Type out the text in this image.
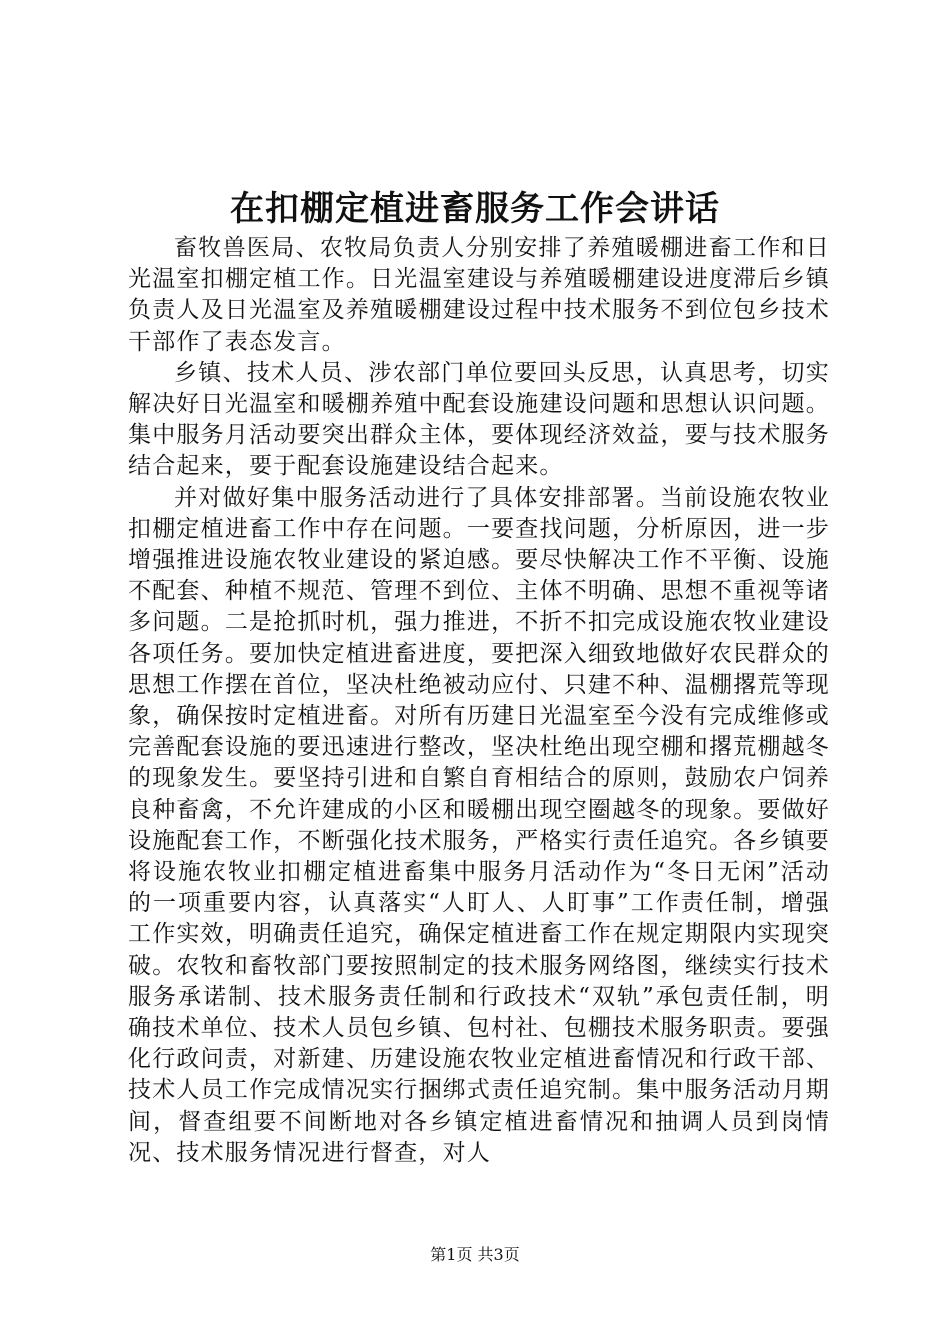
在扣棚定植进畜服务工作会讲话

畜牧兽医局、农牧局负责人分别安排了养殖暖棚进畜工作和日光温室扣棚定植工作。日光温室建设与养殖暖棚建设进度滞后乡镇负责人及日光温室及养殖暖棚建设过程中技术服务不到位包乡技术干部作了表态发言。

乡镇、技术人员、涉农部门单位要回头反思，认真思考，切实解决好日光温室和暖棚养殖中配套设施建设问题和思想认识问题。集中服务月活动要突出群众主体，要体现经济效益，要与技术服务结合起来，要于配套设施建设结合起来。

并对做好集中服务活动进行了具体安排部署。当前设施农牧业扣棚定植进畜工作中存在问题。一要查找问题，分析原因，进一步增强推进设施农牧业建设的紧迫感。要尽快解决工作不平衡、设施不配套、种植不规范、管理不到位、主体不明确、思想不重视等诸多问题。二是抢抓时机，强力推进，不折不扣完成设施农牧业建设各项任务。要加快定植进畜进度，要把深入细致地做好农民群众的思想工作摆在首位，坚决杜绝被动应付、只建不种、温棚撂荒等现象，确保按时定植进畜。对所有历建日光温室至今没有完成维修或完善配套设施的要迅速进行整改，坚决杜绝出现空棚和撂荒棚越冬的现象发生。要坚持引进和自繁自育相结合的原则，鼓励农户饲养良种畜禽，不允许建成的小区和暖棚出现空圈越冬的现象。要做好设施配套工作，不断强化技术服务，严格实行责任追究。各乡镇要将设施农牧业扣棚定植进畜集中服务月活动作为“冬日无闲”活动的一项重要内容，认真落实“人盯人、人盯事”工作责任制，增强工作实效，明确责任追究，确保定植进畜工作在规定期限内实现突破。农牧和畜牧部门要按照制定的技术服务网络图，继续实行技术服务承诺制、技术服务责任制和行政技术“双轨”承包责任制，明确技术单位、技术人员包乡镇、包村社、包棚技术服务职责。要强化行政问责，对新建、历建设施农牧业定植进畜情况和行政干部、技术人员工作完成情况实行捆绑式责任追究制。集中服务活动月期间，督查组要不间断地对各乡镇定植进畜情况和抽调人员到岗情况、技术服务情况进行督查，对人

第1页 共3页
